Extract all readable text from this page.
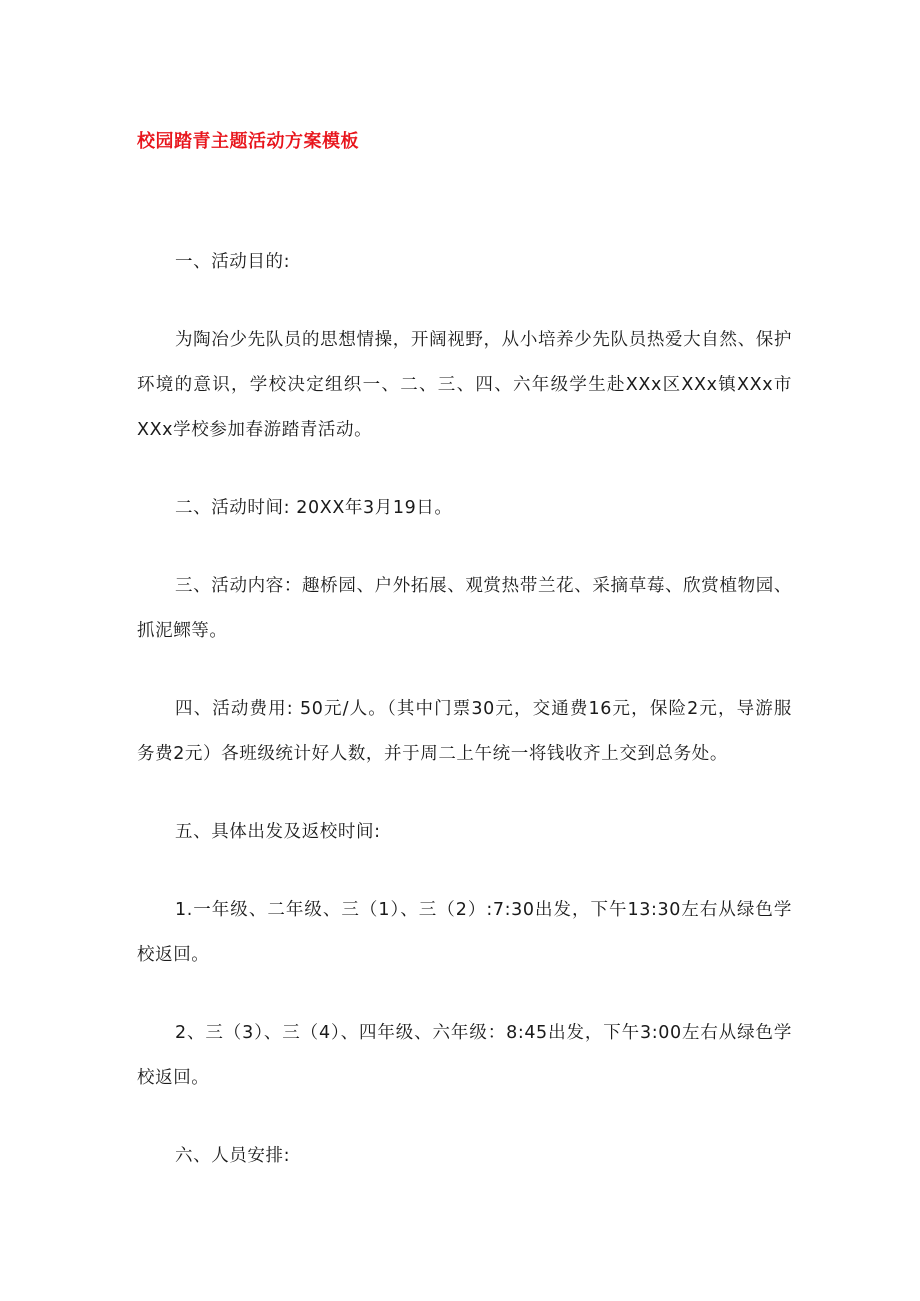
校园踏青主题活动方案模板

一、活动目的:

为陶冶少先队员的思想情操，开阔视野，从小培养少先队员热爱大自然、保护环境的意识，学校决定组织一、二、三、四、六年级学生赴XXx区XXx镇XXx市XXx学校参加春游踏青活动。

二、活动时间: 20XX年3月19日。

三、活动内容：趣桥园、户外拓展、观赏热带兰花、采摘草莓、欣赏植物园、抓泥鳏等。

四、活动费用: 50元/人。（其中门票30元，交通费16元，保险2元，导游服务费2元）各班级统计好人数，并于周二上午统一将钱收齐上交到总务处。

五、具体出发及返校时间:

1.一年级、二年级、三（1）、三（2）:7:30出发，下午13:30左右从绿色学校返回。

2、三（3）、三（4）、四年级、六年级：8:45出发，下午3:00左右从绿色学校返回。

六、人员安排:
